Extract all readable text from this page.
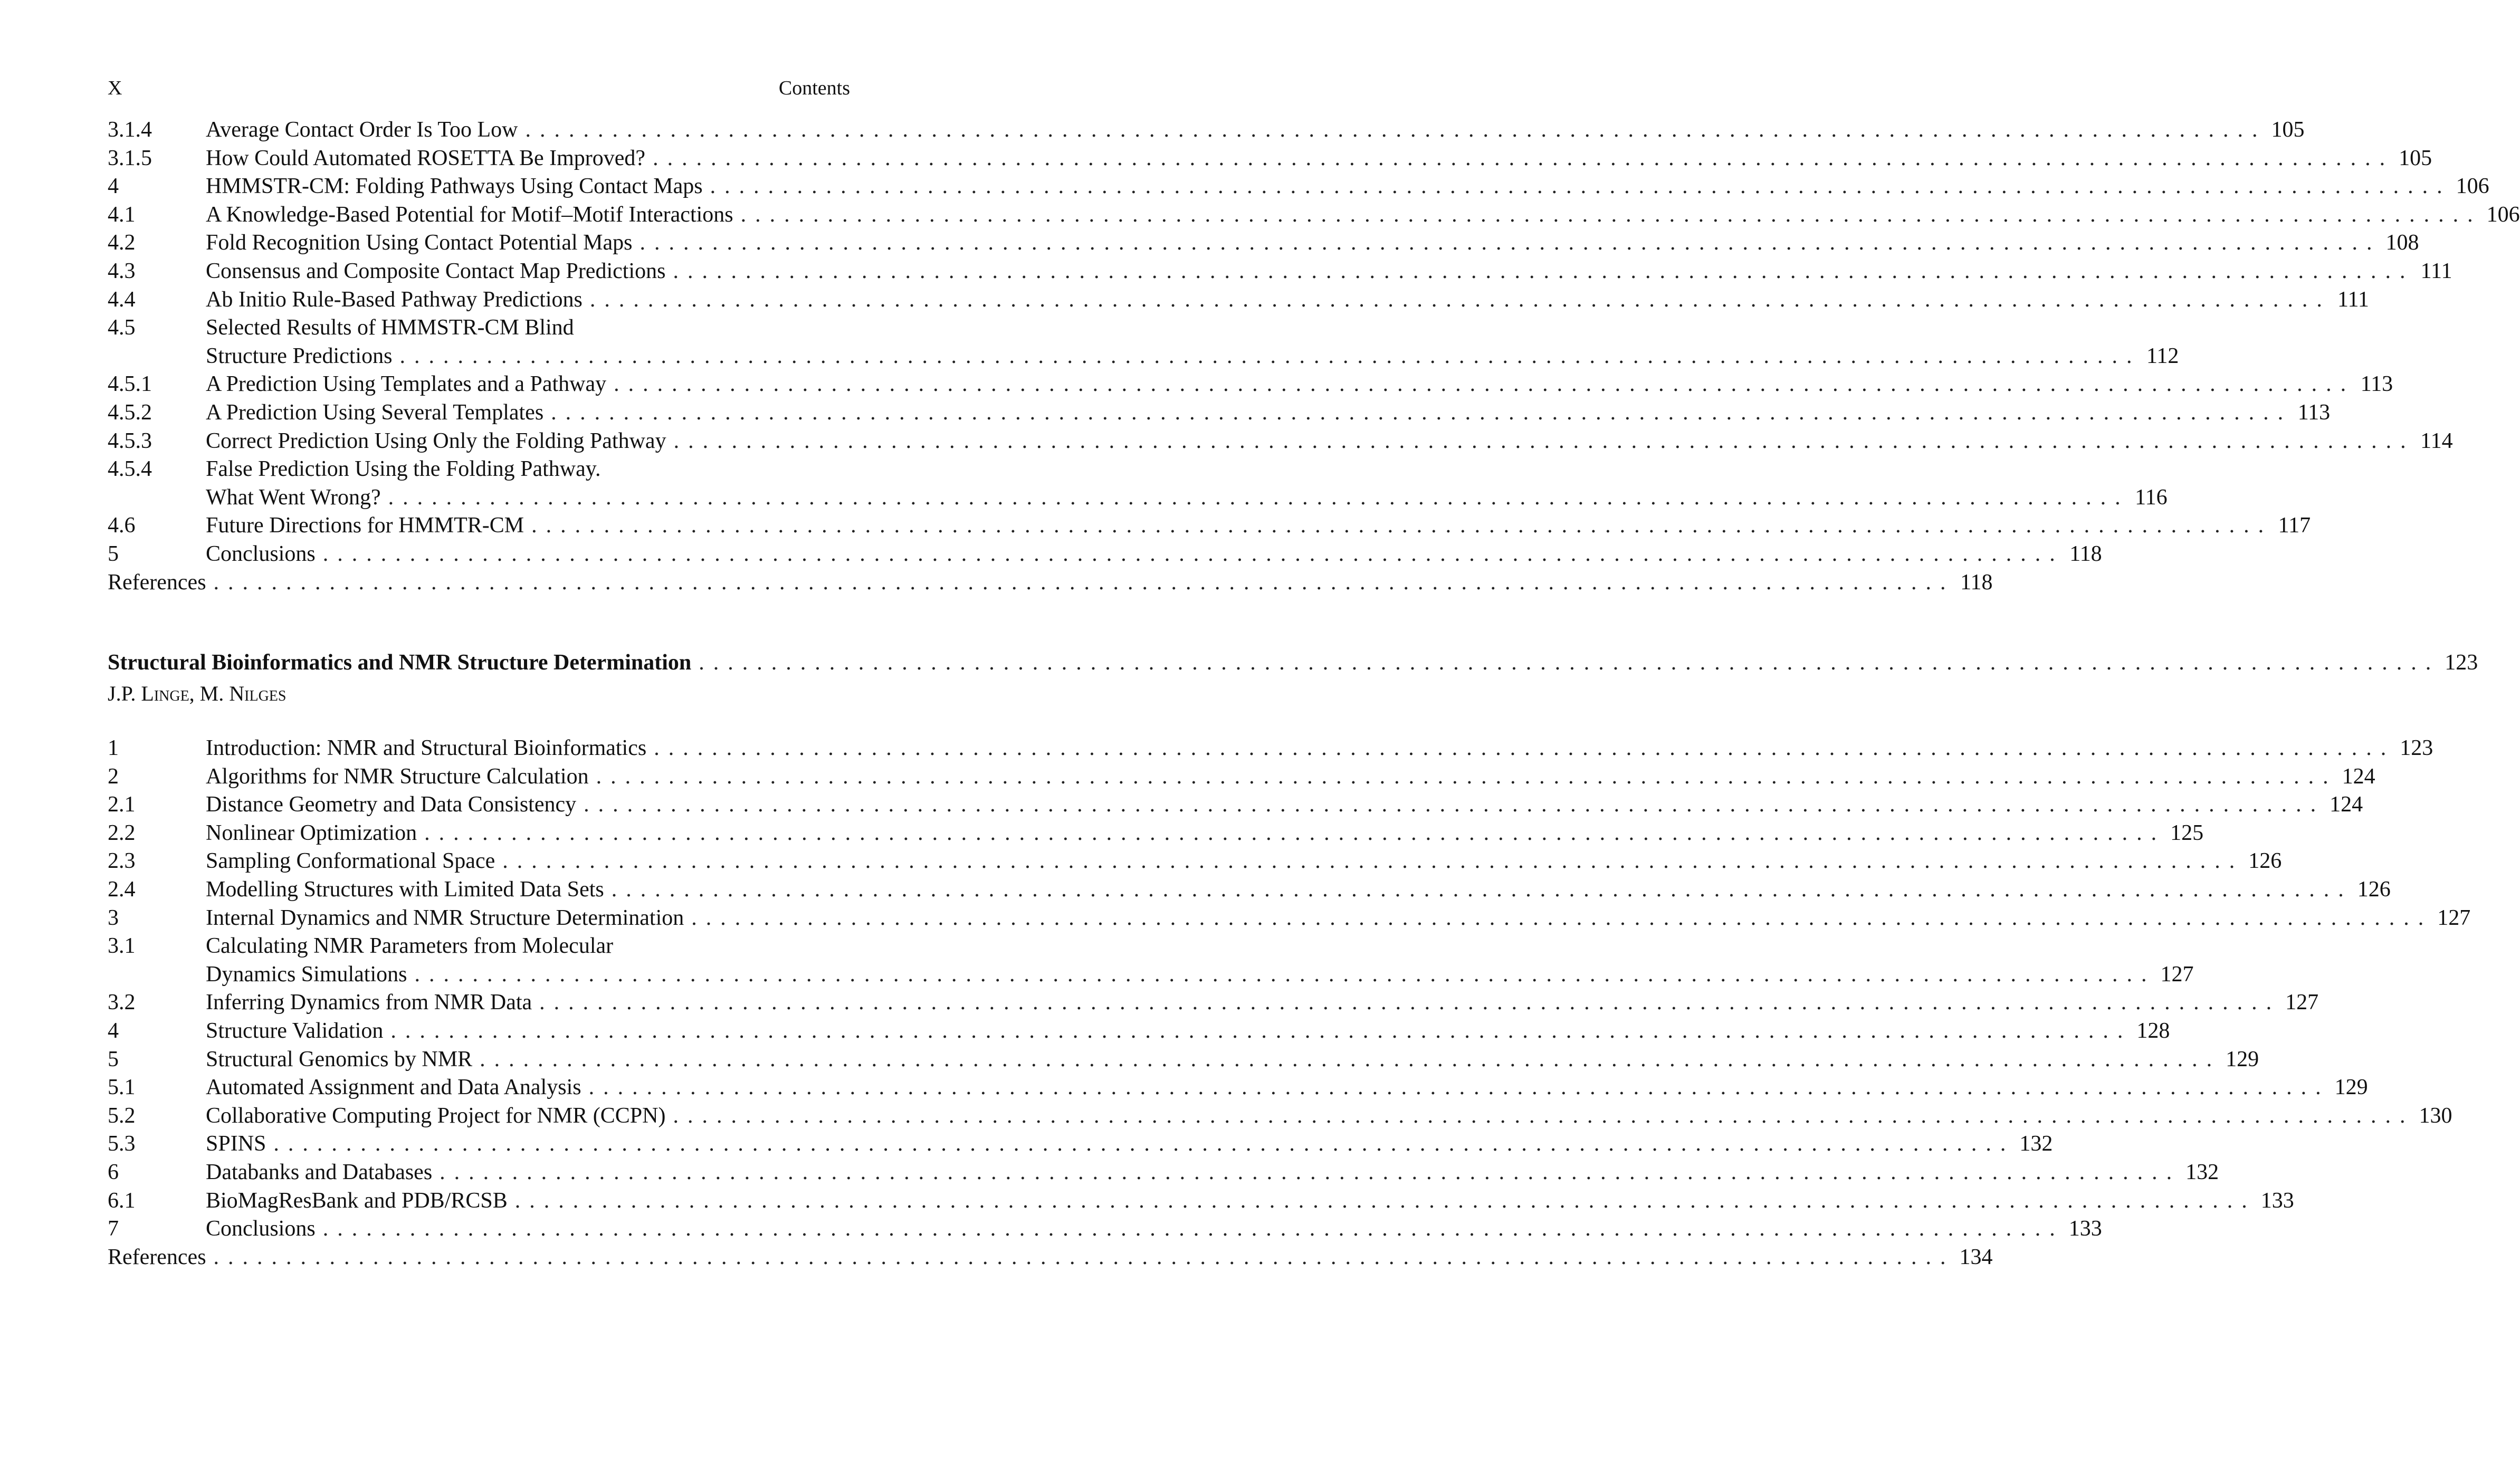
X	Contents
3.1.4	Average Contact Order Is Too Low ........................................................................................................................ 105
3.1.5	How Could Automated ROSETTA Be Improved? ........................................................................................................................ 105
4	HMMSTR-CM: Folding Pathways Using Contact Maps ........................................................................................................................ 106
4.1	A Knowledge-Based Potential for Motif–Motif Interactions ........................................................................................................................ 106
4.2	Fold Recognition Using Contact Potential Maps ........................................................................................................................ 108
4.3	Consensus and Composite Contact Map Predictions ........................................................................................................................ 111
4.4	Ab Initio Rule-Based Pathway Predictions ........................................................................................................................ 111
4.5	Selected Results of HMMSTR-CM Blind
Structure Predictions ........................................................................................................................ 112
4.5.1	A Prediction Using Templates and a Pathway ........................................................................................................................ 113
4.5.2	A Prediction Using Several Templates ........................................................................................................................ 113
4.5.3	Correct Prediction Using Only the Folding Pathway ........................................................................................................................ 114
4.5.4	False Prediction Using the Folding Pathway.
What Went Wrong? ........................................................................................................................ 116
4.6	Future Directions for HMMTR-CM ........................................................................................................................ 117
5	Conclusions ........................................................................................................................ 118
References ........................................................................................................................ 118
Structural Bioinformatics and NMR Structure Determination ........................................................................................................................ 123
J.P. Linge, M. Nilges
1	Introduction: NMR and Structural Bioinformatics ........................................................................................................................ 123
2	Algorithms for NMR Structure Calculation ........................................................................................................................ 124
2.1	Distance Geometry and Data Consistency ........................................................................................................................ 124
2.2	Nonlinear Optimization ........................................................................................................................ 125
2.3	Sampling Conformational Space ........................................................................................................................ 126
2.4	Modelling Structures with Limited Data Sets ........................................................................................................................ 126
3	Internal Dynamics and NMR Structure Determination ........................................................................................................................ 127
3.1	Calculating NMR Parameters from Molecular
Dynamics Simulations ........................................................................................................................ 127
3.2	Inferring Dynamics from NMR Data ........................................................................................................................ 127
4	Structure Validation ........................................................................................................................ 128
5	Structural Genomics by NMR ........................................................................................................................ 129
5.1	Automated Assignment and Data Analysis ........................................................................................................................ 129
5.2	Collaborative Computing Project for NMR (CCPN) ........................................................................................................................ 130
5.3	SPINS ........................................................................................................................ 132
6	Databanks and Databases ........................................................................................................................ 132
6.1	BioMagResBank and PDB/RCSB ........................................................................................................................ 133
7	Conclusions ........................................................................................................................ 133
References ........................................................................................................................ 134
